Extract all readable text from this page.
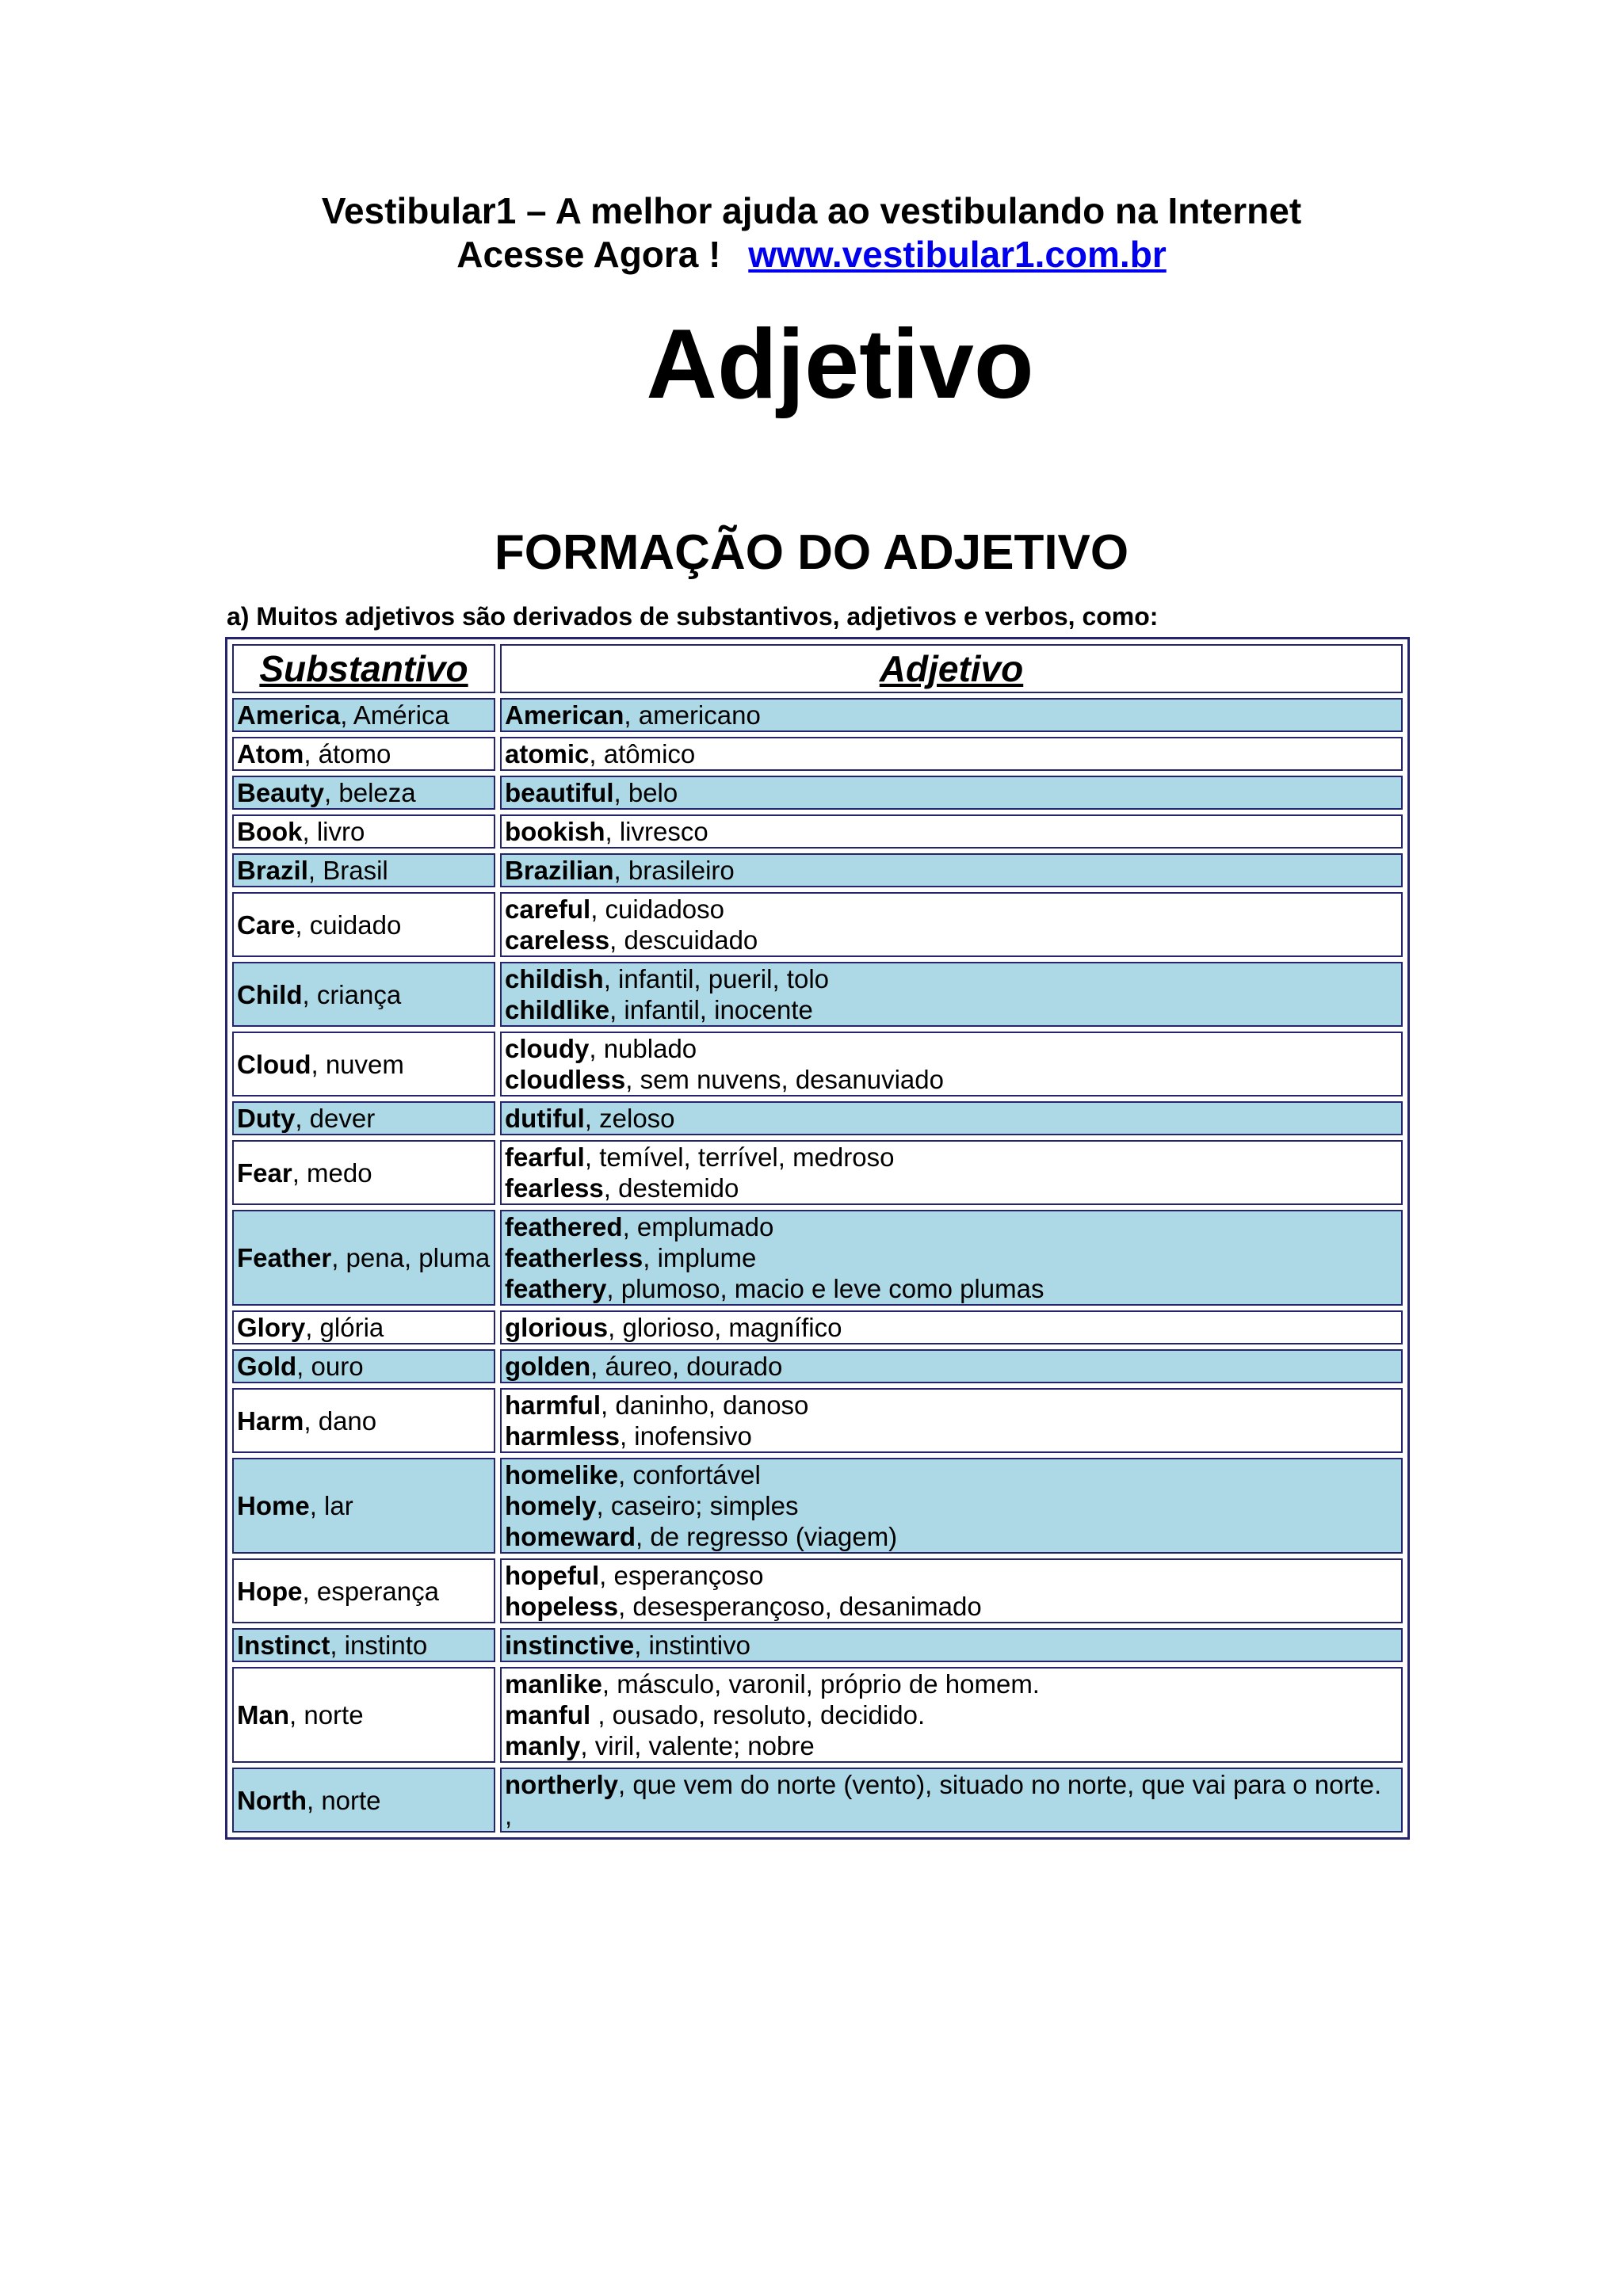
Vestibular1 – A melhor ajuda ao vestibulando na Internet
Acesse Agora ! www.vestibular1.com.br
Adjetivo
FORMAÇÃO DO ADJETIVO
a) Muitos adjetivos são derivados de substantivos, adjetivos e verbos, como:
Substantivo	Adjetivo
America, América	American, americano

Atom, átomo	atomic, atômico

Beauty, beleza	beautiful, belo

Book, livro	bookish, livresco

Brazil, Brasil	Brazilian, brasileiro

Care, cuidado	careful, cuidadoso
careless, descuidado

Child, criança	childish, infantil, pueril, tolo
childlike, infantil, inocente

Cloud, nuvem	cloudy, nublado
cloudless, sem nuvens, desanuviado

Duty, dever	dutiful, zeloso

Fear, medo	fearful, temível, terrível, medroso
fearless, destemido

Feather, pena, pluma	feathered, emplumado
featherless, implume
feathery, plumoso, macio e leve como plumas

Glory, glória	glorious, glorioso, magnífico

Gold, ouro	golden, áureo, dourado

Harm, dano	harmful, daninho, danoso
harmless, inofensivo

Home, lar	homelike, confortável
homely, caseiro; simples
homeward, de regresso (viagem)

Hope, esperança	hopeful, esperançoso
hopeless, desesperançoso, desanimado

Instinct, instinto	instinctive, instintivo

Man, norte	manlike, másculo, varonil, próprio de homem.
manful , ousado, resoluto, decidido.
manly, viril, valente; nobre

North, norte	northerly, que vem do norte (vento), situado no norte, que vai para o norte.
,
